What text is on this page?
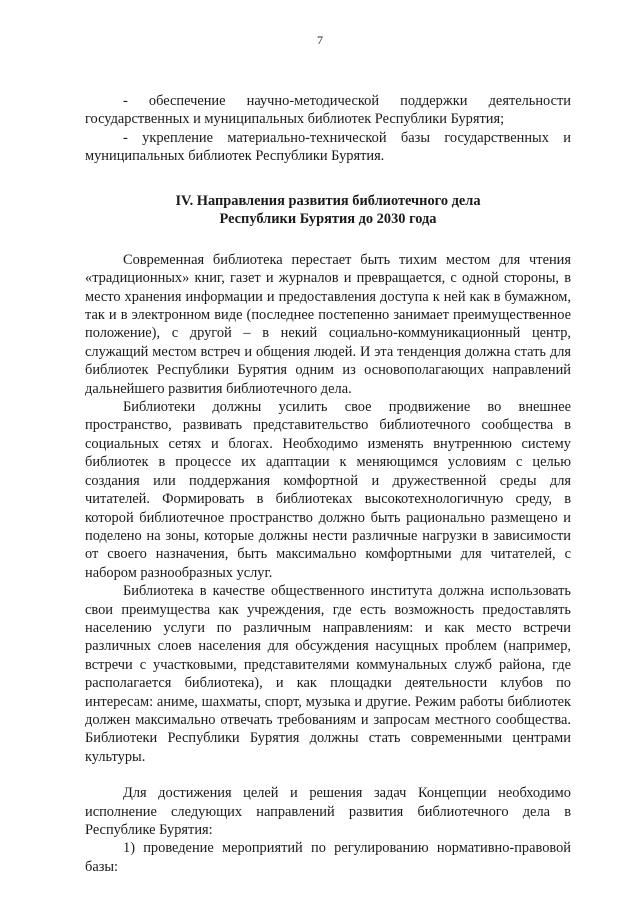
7

- обеспечение научно-методической поддержки деятельности государственных и муниципальных библиотек Республики Бурятия;

- укрепление материально-технической базы государственных и муниципальных библиотек Республики Бурятия.

IV. Направления развития библиотечного дела
Республики Бурятия до 2030 года

Современная библиотека перестает быть тихим местом для чтения «традиционных» книг, газет и журналов и превращается, с одной стороны, в место хранения информации и предоставления доступа к ней как в бумажном, так и в электронном виде (последнее постепенно занимает преимущественное положение), с другой – в некий социально-коммуникационный центр, служащий местом встреч и общения людей. И эта тенденция должна стать для библиотек Республики Бурятия одним из основополагающих направлений дальнейшего развития библиотечного дела.

Библиотеки должны усилить свое продвижение во внешнее пространство, развивать представительство библиотечного сообщества в социальных сетях и блогах. Необходимо изменять внутреннюю систему библиотек в процессе их адаптации к меняющимся условиям с целью создания или поддержания комфортной и дружественной среды для читателей. Формировать в библиотеках высокотехнологичную среду, в которой библиотечное пространство должно быть рационально размещено и поделено на зоны, которые должны нести различные нагрузки в зависимости от своего назначения, быть максимально комфортными для читателей, с набором разнообразных услуг.

Библиотека в качестве общественного института должна использовать свои преимущества как учреждения, где есть возможность предоставлять населению услуги по различным направлениям: и как место встречи различных слоев населения для обсуждения насущных проблем (например, встречи с участковыми, представителями коммунальных служб района, где располагается библиотека), и как площадки деятельности клубов по интересам: аниме, шахматы, спорт, музыка и другие. Режим работы библиотек должен максимально отвечать требованиям и запросам местного сообщества. Библиотеки Республики Бурятия должны стать современными центрами культуры.

Для достижения целей и решения задач Концепции необходимо исполнение следующих направлений развития библиотечного дела в Республике Бурятия:

1) проведение мероприятий по регулированию нормативно-правовой базы:
